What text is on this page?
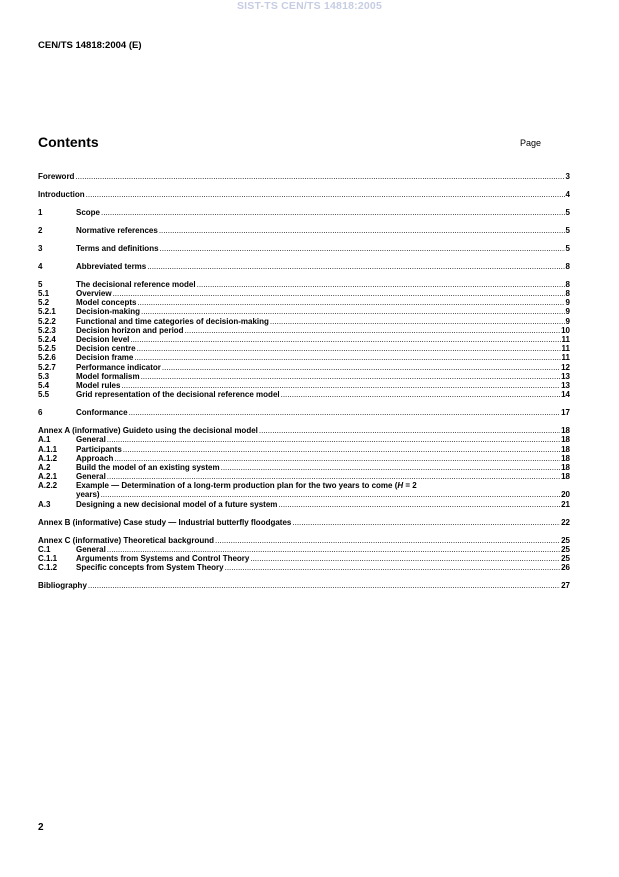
SIST-TS CEN/TS 14818:2005
CEN/TS 14818:2004 (E)
Contents	Page
Foreword .....	3
Introduction .....	4
1	Scope .....	5
2	Normative references .....	5
3	Terms and definitions .....	5
4	Abbreviated terms .....	8
5	The decisional reference model .....	8
5.1	Overview .....	8
5.2	Model concepts .....	9
5.2.1	Decision-making .....	9
5.2.2	Functional and time categories of decision-making .....	9
5.2.3	Decision horizon and period .....	10
5.2.4	Decision level .....	11
5.2.5	Decision centre .....	11
5.2.6	Decision frame .....	11
5.2.7	Performance indicator .....	12
5.3	Model formalism .....	13
5.4	Model rules .....	13
5.5	Grid representation of the decisional reference model .....	14
6	Conformance .....	17
Annex A (informative) Guideto using the decisional model .....	18
A.1	General .....	18
A.1.1 Participants .....	18
A.1.2 Approach .....	18
A.2	Build the model of an existing system .....	18
A.2.1 General .....	18
A.2.2 Example — Determination of a long-term production plan for the two years to come (H = 2
years) .....	20
A.3	Designing a new decisional model of a future system .....	21
Annex B (informative) Case study — Industrial butterfly floodgates .....	22
Annex C (informative) Theoretical background .....	25
C.1	General .....	25
C.1.1 Arguments from Systems and Control Theory .....	25
C.1.2 Specific concepts from System Theory .....	26
Bibliography .....	27
2
